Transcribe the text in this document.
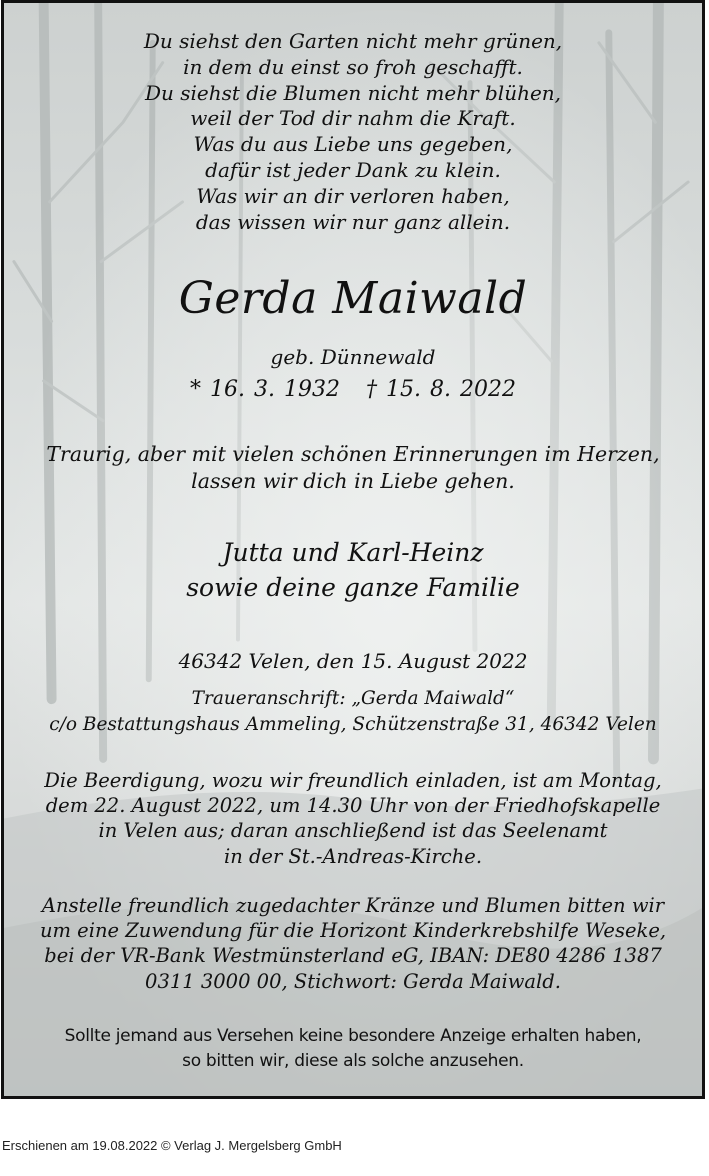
Du siehst den Garten nicht mehr grünen,
in dem du einst so froh geschafft.
Du siehst die Blumen nicht mehr blühen,
weil der Tod dir nahm die Kraft.
Was du aus Liebe uns gegeben,
dafür ist jeder Dank zu klein.
Was wir an dir verloren haben,
das wissen wir nur ganz allein.
Gerda Maiwald

geb. Dünnewald

* 16. 3. 1932 † 15. 8. 2022

Traurig, aber mit vielen schönen Erinnerungen im Herzen,
lassen wir dich in Liebe gehen.
Jutta und Karl-Heinz
sowie deine ganze Familie

46342 Velen, den 15. August 2022

Traueranschrift: „Gerda Maiwald“
c/o Bestattungshaus Ammeling, Schützenstraße 31, 46342 Velen
Die Beerdigung, wozu wir freundlich einladen, ist am Montag,
dem 22. August 2022, um 14.30 Uhr von der Friedhofskapelle
in Velen aus; daran anschließend ist das Seelenamt
in der St.-Andreas-Kirche.
Anstelle freundlich zugedachter Kränze und Blumen bitten wir
um eine Zuwendung für die Horizont Kinderkrebshilfe Weseke,
bei der VR-Bank Westmünsterland eG, IBAN: DE80 4286 1387
0311 3000 00, Stichwort: Gerda Maiwald.
Sollte jemand aus Versehen keine besondere Anzeige erhalten haben,
so bitten wir, diese als solche anzusehen.
Erschienen am 19.08.2022 © Verlag J. Mergelsberg GmbH
